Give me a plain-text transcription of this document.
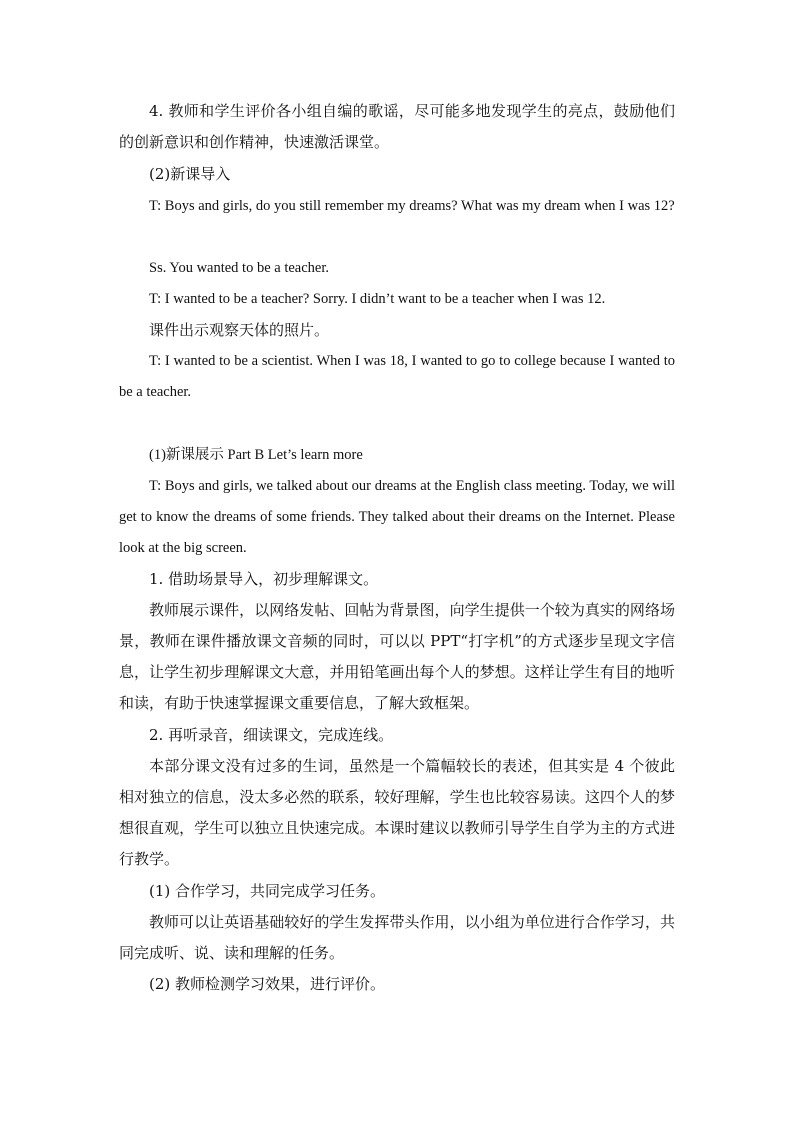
4. 教师和学生评价各小组自编的歌谣，尽可能多地发现学生的亮点，鼓励他们的创新意识和创作精神，快速激活课堂。

(2)新课导入

T: Boys and girls, do you still remember my dreams? What was my dream when I was 12?

Ss. You wanted to be a teacher.

T: I wanted to be a teacher? Sorry. I didn’t want to be a teacher when I was 12.

课件出示观察天体的照片。

T: I wanted to be a scientist. When I was 18, I wanted to go to college because I wanted to be a teacher.

(1)新课展示 Part B Let’s learn more

T: Boys and girls, we talked about our dreams at the English class meeting. Today, we will get to know the dreams of some friends. They talked about their dreams on the Internet. Please look at the big screen.

1. 借助场景导入，初步理解课文。

教师展示课件，以网络发帖、回帖为背景图，向学生提供一个较为真实的网络场景，教师在课件播放课文音频的同时，可以以 PPT“打字机”的方式逐步呈现文字信息，让学生初步理解课文大意，并用铅笔画出每个人的梦想。这样让学生有目的地听和读，有助于快速掌握课文重要信息，了解大致框架。

2. 再听录音，细读课文，完成连线。

本部分课文没有过多的生词，虽然是一个篇幅较长的表述，但其实是 4 个彼此相对独立的信息，没太多必然的联系，较好理解，学生也比较容易读。这四个人的梦想很直观，学生可以独立且快速完成。本课时建议以教师引导学生自学为主的方式进行教学。

(1) 合作学习，共同完成学习任务。

教师可以让英语基础较好的学生发挥带头作用，以小组为单位进行合作学习，共同完成听、说、读和理解的任务。

(2) 教师检测学习效果，进行评价。
